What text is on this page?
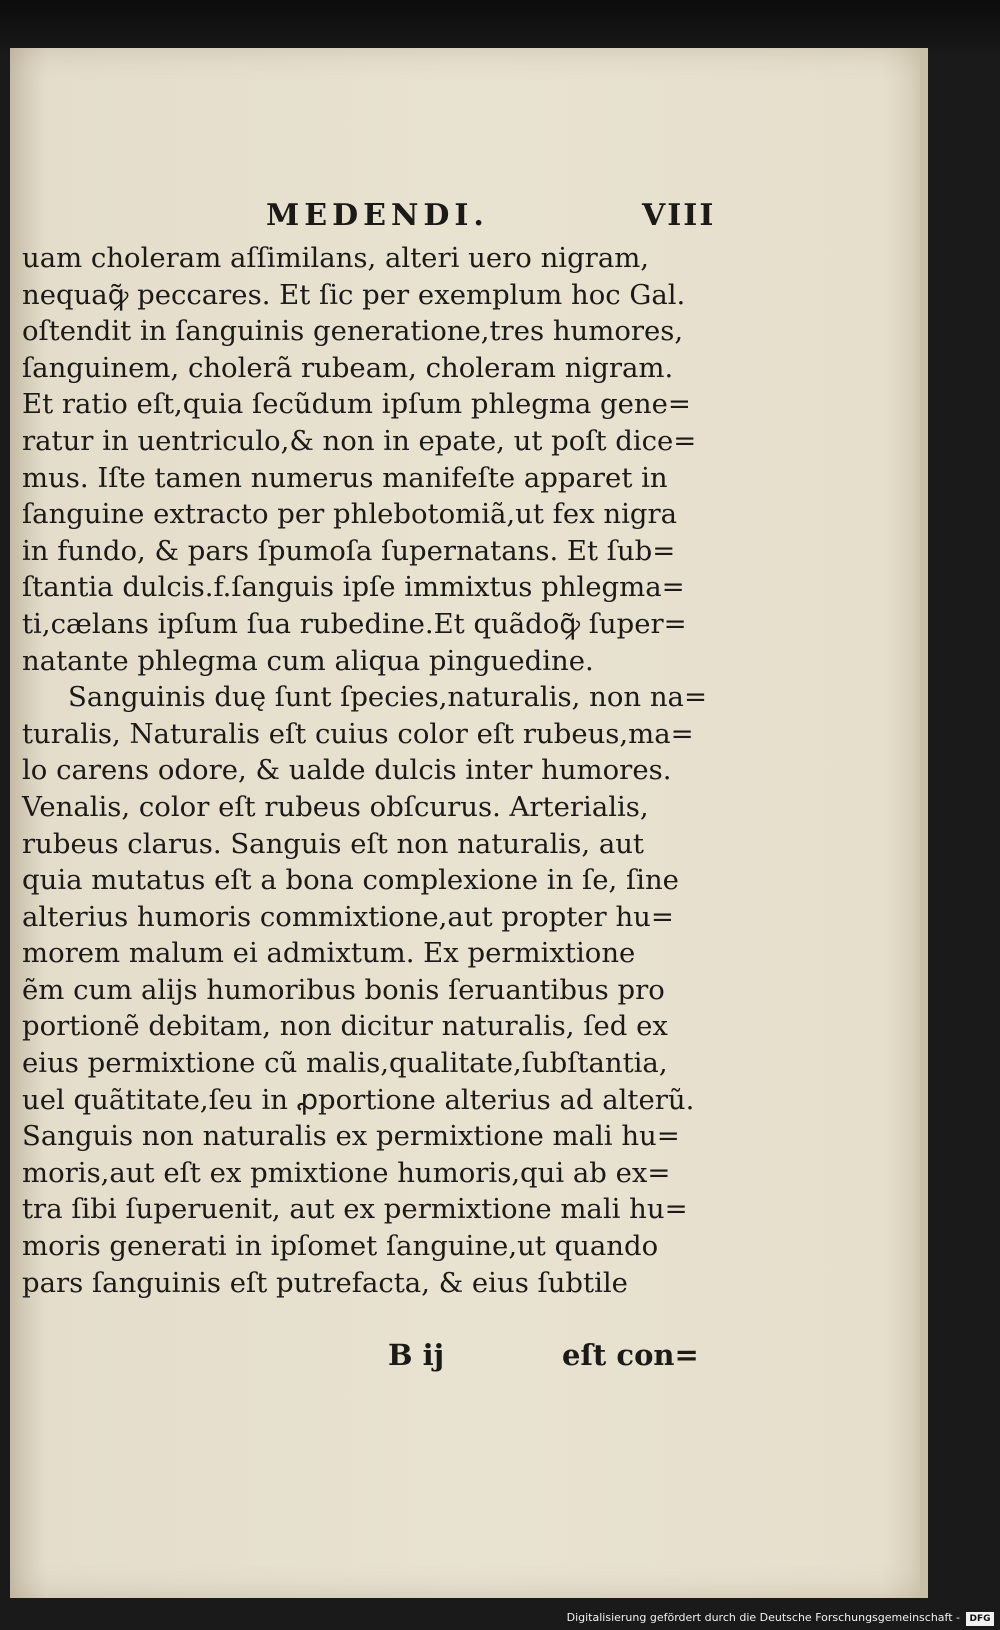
MEDENDI.	VIII
uam choleram aſſimilans, alteri uero nigram,
nequaꝙ̃ peccares. Et ſic per exemplum hoc Gal.
oſtendit in ſanguinis generatione,tres humores,
ſanguinem, cholerã rubeam, choleram nigram.
Et ratio eſt,quia ſecũdum ipſum phlegma gene=
ratur in uentriculo,& non in epate, ut poſt dice=
mus. Iſte tamen numerus manifeſte apparet in
ſanguine extracto per phlebotomiã,ut fex nigra
in fundo, & pars ſpumoſa ſupernatans. Et ſub=
ſtantia dulcis.f.ſanguis ipſe immixtus phlegma=
ti,cælans ipſum ſua rubedine.Et quãdoꝙ̃ ſuper=
natante phlegma cum aliqua pinguedine.
Sanguinis duę ſunt ſpecies,naturalis, non na=
turalis, Naturalis eſt cuius color eſt rubeus,ma=
lo carens odore, & ualde dulcis inter humores.
Venalis, color eſt rubeus obſcurus. Arterialis,
rubeus clarus. Sanguis eſt non naturalis, aut
quia mutatus eſt a bona complexione in ſe, ſine
alterius humoris commixtione,aut propter hu=
morem malum ei admixtum. Ex permixtione
ẽm cum aliјs humoribus bonis ſeruantibus pro
portionẽ debitam, non dicitur naturalis, ſed ex
eius permixtione cũ malis,qualitate,ſubſtantia,
uel quãtitate,ſeu in ꝓportione alterius ad alterũ.
Sanguis non naturalis ex permixtione mali hu=
moris,aut eſt ex pmixtione humoris,qui ab ex=
tra ſibi ſuperuenit, aut ex permixtione mali hu=
moris generati in ipſomet ſanguine,ut quando
pars ſanguinis eſt putrefacta, & eius ſubtile
B ij	eſt con=
Digitalisierung gefördert durch die Deutsche Forschungsgemeinschaft -	DFG
